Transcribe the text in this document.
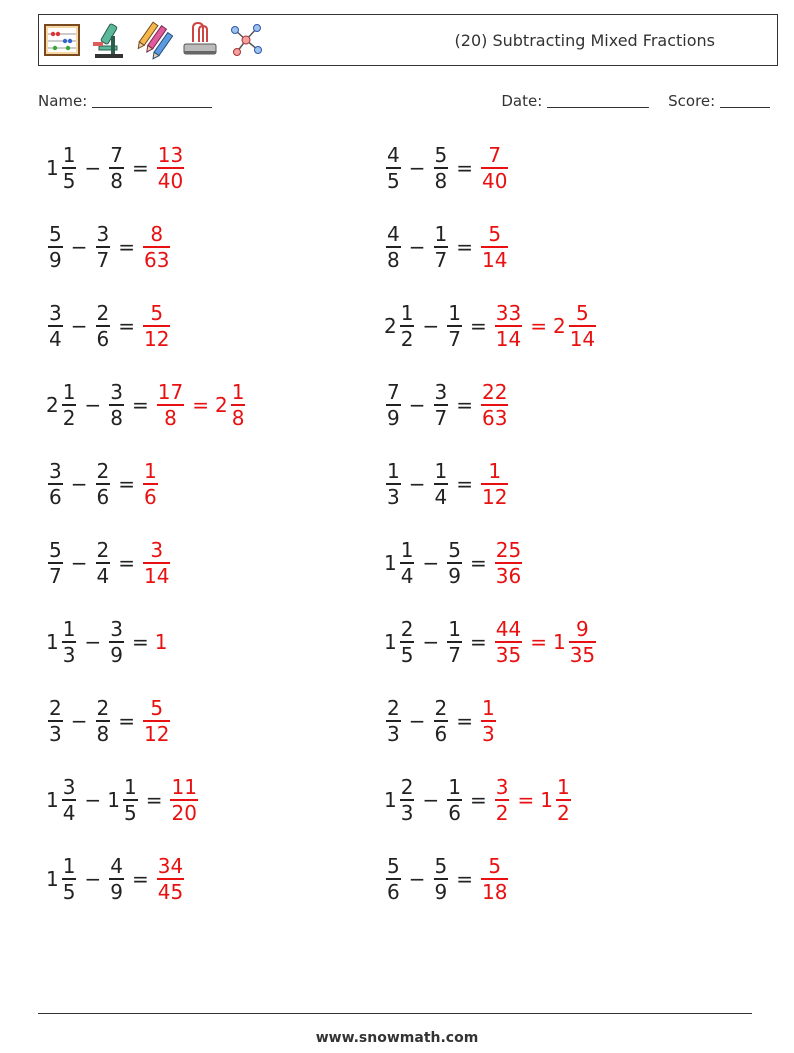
(20) Subtracting Mixed Fractions
Name:	Date:	Score:
$1 \frac{1}{5} - \frac{7}{8} = \frac{13}{40}$	$\frac{4}{5} - \frac{5}{8} = \frac{7}{40}$
$\frac{5}{9} - \frac{3}{7} = \frac{8}{63}$	$\frac{4}{8} - \frac{1}{7} = \frac{5}{14}$
$\frac{3}{4} - \frac{2}{6} = \frac{5}{12}$	$2 \frac{1}{2} - \frac{1}{7} = \frac{33}{14} = 2 \frac{5}{14}$
$2 \frac{1}{2} - \frac{3}{8} = \frac{17}{8} = 2 \frac{1}{8}$	$\frac{7}{9} - \frac{3}{7} = \frac{22}{63}$
$\frac{3}{6} - \frac{2}{6} = \frac{1}{6}$	$\frac{1}{3} - \frac{1}{4} = \frac{1}{12}$
$\frac{5}{7} - \frac{2}{4} = \frac{3}{14}$	$1 \frac{1}{4} - \frac{5}{9} = \frac{25}{36}$
$1 \frac{1}{3} - \frac{3}{9} = 1$	$1 \frac{2}{5} - \frac{1}{7} = \frac{44}{35} = 1 \frac{9}{35}$
$\frac{2}{3} - \frac{2}{8} = \frac{5}{12}$	$\frac{2}{3} - \frac{2}{6} = \frac{1}{3}$
$1 \frac{3}{4} - 1 \frac{1}{5} = \frac{11}{20}$	$1 \frac{2}{3} - \frac{1}{6} = \frac{3}{2} = 1 \frac{1}{2}$
$1 \frac{1}{5} - \frac{4}{9} = \frac{34}{45}$	$\frac{5}{6} - \frac{5}{9} = \frac{5}{18}$
www.snowmath.com
